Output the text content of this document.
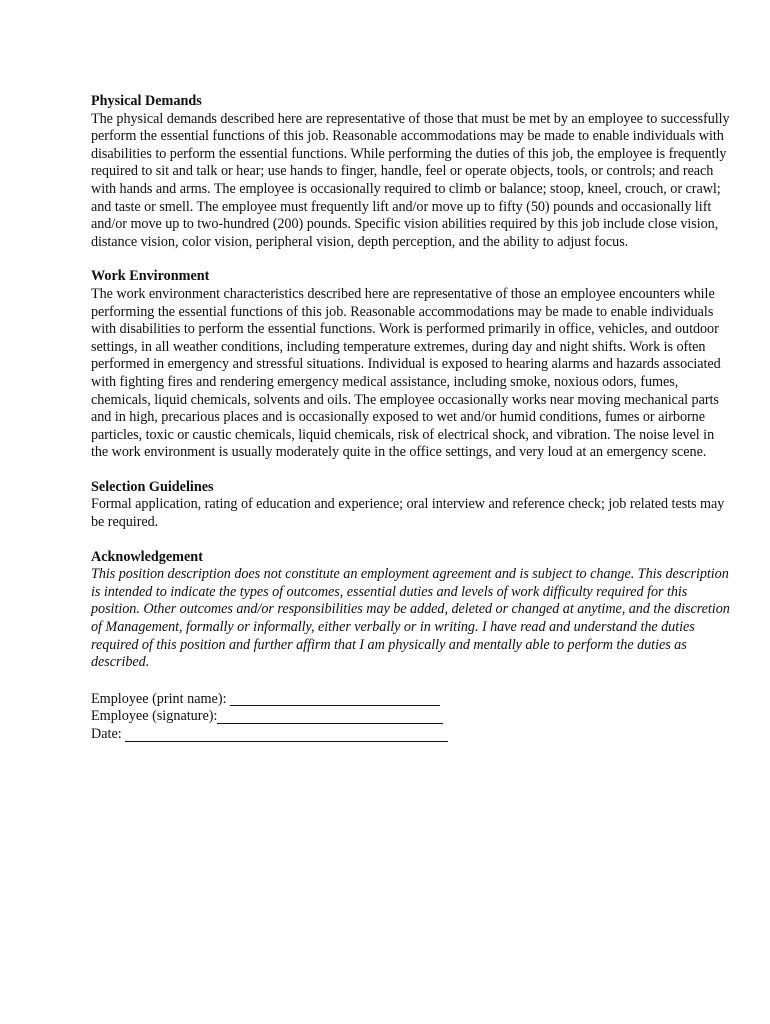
Physical Demands

The physical demands described here are representative of those that must be met by an employee to successfully perform the essential functions of this job. Reasonable accommodations may be made to enable individuals with disabilities to perform the essential functions. While performing the duties of this job, the employee is frequently required to sit and talk or hear; use hands to finger, handle, feel or operate objects, tools, or controls; and reach with hands and arms. The employee is occasionally required to climb or balance; stoop, kneel, crouch, or crawl; and taste or smell. The employee must frequently lift and/or move up to fifty (50) pounds and occasionally lift and/or move up to two-hundred (200) pounds. Specific vision abilities required by this job include close vision, distance vision, color vision, peripheral vision, depth perception, and the ability to adjust focus.

Work Environment

The work environment characteristics described here are representative of those an employee encounters while performing the essential functions of this job. Reasonable accommodations may be made to enable individuals with disabilities to perform the essential functions. Work is performed primarily in office, vehicles, and outdoor settings, in all weather conditions, including temperature extremes, during day and night shifts. Work is often performed in emergency and stressful situations. Individual is exposed to hearing alarms and hazards associated with fighting fires and rendering emergency medical assistance, including smoke, noxious odors, fumes, chemicals, liquid chemicals, solvents and oils. The employee occasionally works near moving mechanical parts and in high, precarious places and is occasionally exposed to wet and/or humid conditions, fumes or airborne particles, toxic or caustic chemicals, liquid chemicals, risk of electrical shock, and vibration. The noise level in the work environment is usually moderately quite in the office settings, and very loud at an emergency scene.

Selection Guidelines

Formal application, rating of education and experience; oral interview and reference check; job related tests may be required.

Acknowledgement

This position description does not constitute an employment agreement and is subject to change. This description is intended to indicate the types of outcomes, essential duties and levels of work difficulty required for this position. Other outcomes and/or responsibilities may be added, deleted or changed at anytime, and the discretion of Management, formally or informally, either verbally or in writing. I have read and understand the duties required of this position and further affirm that I am physically and mentally able to perform the duties as described.

Employee (print name):
Employee (signature):
Date:
